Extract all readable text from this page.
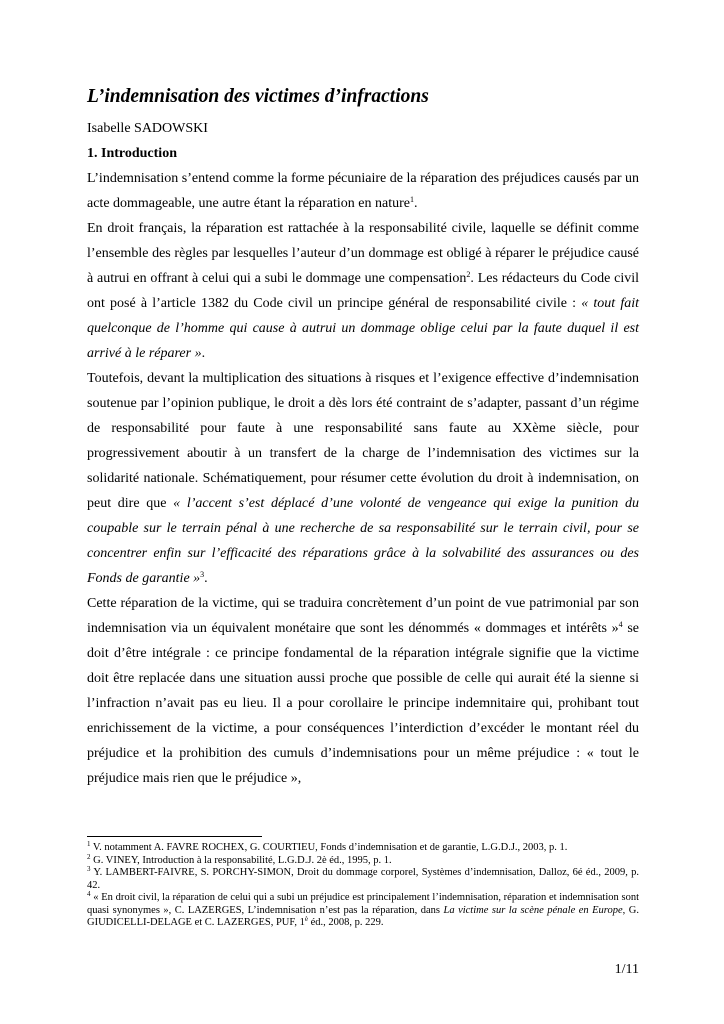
L’indemnisation des victimes d’infractions
Isabelle SADOWSKI
1. Introduction

L’indemnisation s’entend comme la forme pécuniaire de la réparation des préjudices causés par un acte dommageable, une autre étant la réparation en nature$^1$.

En droit français, la réparation est rattachée à la responsabilité civile, laquelle se définit comme l’ensemble des règles par lesquelles l’auteur d’un dommage est obligé à réparer le préjudice causé à autrui en offrant à celui qui a subi le dommage une compensation$^2$. Les rédacteurs du Code civil ont posé à l’article 1382 du Code civil un principe général de responsabilité civile : « tout fait quelconque de l’homme qui cause à autrui un dommage oblige celui par la faute duquel il est arrivé à le réparer ».

Toutefois, devant la multiplication des situations à risques et l’exigence effective d’indemnisation soutenue par l’opinion publique, le droit a dès lors été contraint de s’adapter, passant d’un régime de responsabilité pour faute à une responsabilité sans faute au XXème siècle, pour progressivement aboutir à un transfert de la charge de l’indemnisation des victimes sur la solidarité nationale. Schématiquement, pour résumer cette évolution du droit à indemnisation, on peut dire que « l’accent s’est déplacé d’une volonté de vengeance qui exige la punition du coupable sur le terrain pénal à une recherche de sa responsabilité sur le terrain civil, pour se concentrer enfin sur l’efficacité des réparations grâce à la solvabilité des assurances ou des Fonds de garantie »$^3$.

Cette réparation de la victime, qui se traduira concrètement d’un point de vue patrimonial par son indemnisation via un équivalent monétaire que sont les dénommés « dommages et intérêts »$^4$ se doit d’être intégrale : ce principe fondamental de la réparation intégrale signifie que la victime doit être replacée dans une situation aussi proche que possible de celle qui aurait été la sienne si l’infraction n’avait pas eu lieu. Il a pour corollaire le principe indemnitaire qui, prohibant tout enrichissement de la victime, a pour conséquences l’interdiction d’excéder le montant réel du préjudice et la prohibition des cumuls d’indemnisations pour un même préjudice : « tout le préjudice mais rien que le préjudice »,

$^1$ V. notamment A. FAVRE ROCHEX, G. COURTIEU, Fonds d’indemnisation et de garantie, L.G.D.J., 2003, p. 1.

$^2$ G. VINEY, Introduction à la responsabilité, L.G.D.J. 2è éd., 1995, p. 1.

$^3$ Y. LAMBERT-FAIVRE, S. PORCHY-SIMON, Droit du dommage corporel, Systèmes d’indemnisation, Dalloz, 6é éd., 2009, p. 42.

$^4$ « En droit civil, la réparation de celui qui a subi un préjudice est principalement l’indemnisation, réparation et indemnisation sont quasi synonymes », C. LAZERGES, L’indemnisation n’est pas la réparation, dans La victime sur la scène pénale en Europe, G. GIUDICELLI-DELAGE et C. LAZERGES, PUF, $1^è$ éd., 2008, p. 229.

1/11
